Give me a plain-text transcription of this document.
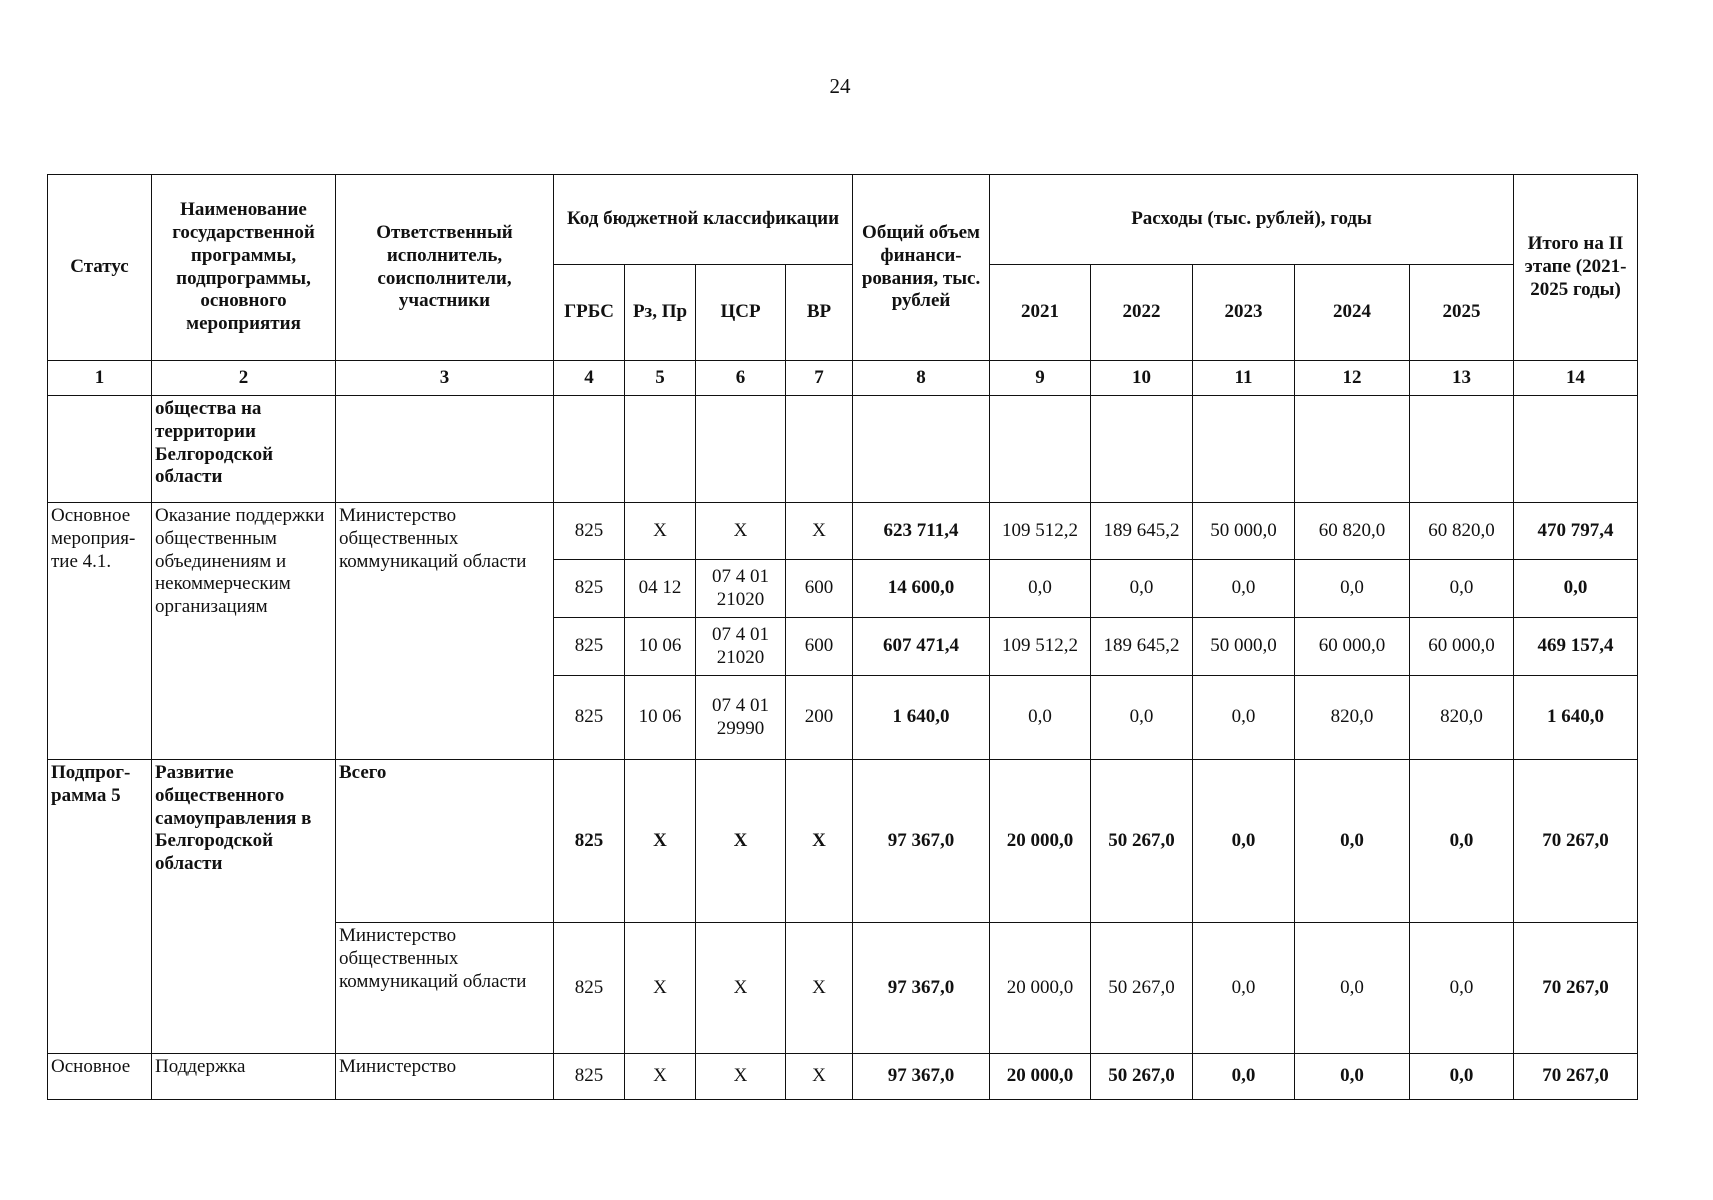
24
Статус	Наименование государственной программы, подпрограммы, основного мероприятия	Ответственный исполнитель, соисполнители, участники	Код бюджетной классификации				Общий объем финанси-рования, тыс. рублей	Расходы (тыс. рублей), годы					Итого на II этапе (2021-2025 годы)
			ГРБС	Рз, Пр	ЦСР	ВР		2021	2022	2023	2024	2025	
1	2	3	4	5	6	7	8	9	10	11	12	13	14
	общества на территории Белгородской области												
Основное мероприя-тие 4.1.	Оказание поддержки общественным объединениям и некоммерческим организациям	Министерство общественных коммуникаций области	825	Х	Х	Х	623 711,4	109 512,2	189 645,2	50 000,0	60 820,0	60 820,0	470 797,4
			825	04 12	07 4 01 21020	600	14 600,0	0,0	0,0	0,0	0,0	0,0	0,0
			825	10 06	07 4 01 21020	600	607 471,4	109 512,2	189 645,2	50 000,0	60 000,0	60 000,0	469 157,4
			825	10 06	07 4 01 29990	200	1 640,0	0,0	0,0	0,0	820,0	820,0	1 640,0
Подпрог-рамма 5	Развитие общественного самоуправления в Белгородской области	Всего	825	Х	Х	Х	97 367,0	20 000,0	50 267,0	0,0	0,0	0,0	70 267,0
		Министерство общественных коммуникаций области	825	Х	Х	Х	97 367,0	20 000,0	50 267,0	0,0	0,0	0,0	70 267,0
Основное	Поддержка	Министерство	825	Х	Х	Х	97 367,0	20 000,0	50 267,0	0,0	0,0	0,0	70 267,0
